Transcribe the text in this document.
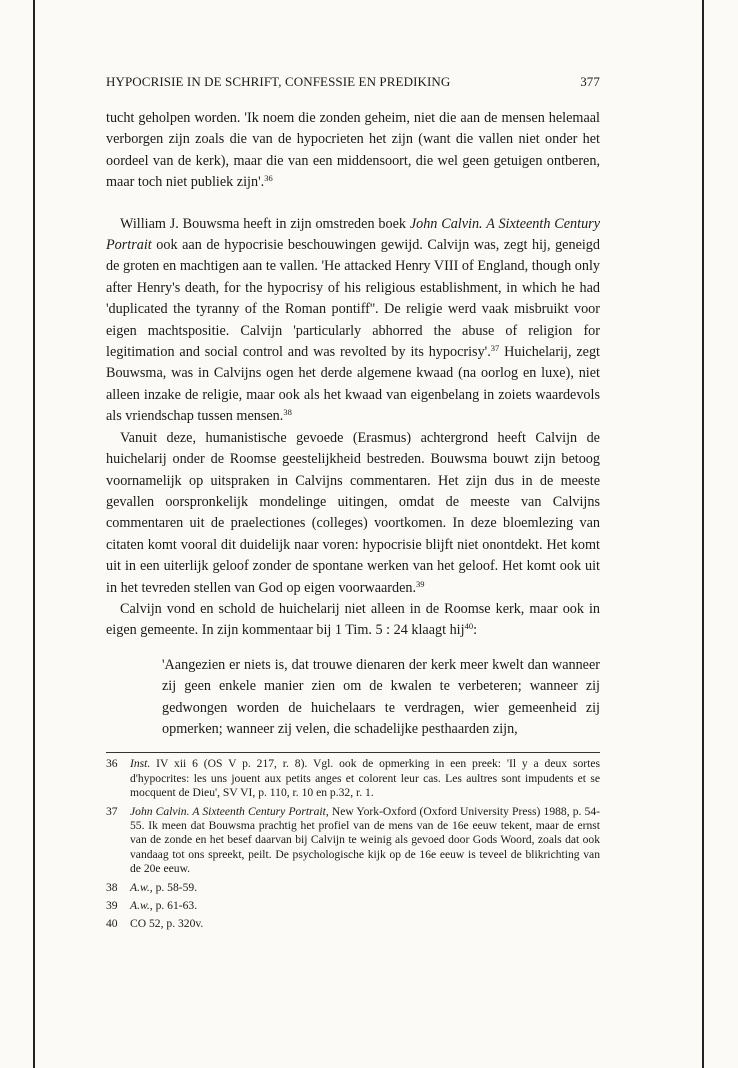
HYPOCRISIE IN DE SCHRIFT, CONFESSIE EN PREDIKING	377

tucht geholpen worden. 'Ik noem die zonden geheim, niet die aan de mensen helemaal verborgen zijn zoals die van de hypocrieten het zijn (want die vallen niet onder het oordeel van de kerk), maar die van een middensoort, die wel geen getuigen ontberen, maar toch niet publiek zijn'.$^{36}$

William J. Bouwsma heeft in zijn omstreden boek John Calvin. A Sixteenth Century Portrait ook aan de hypocrisie beschouwingen gewijd. Calvijn was, zegt hij, geneigd de groten en machtigen aan te vallen. 'He attacked Henry VIII of England, though only after Henry's death, for the hypocrisy of his religious establishment, in which he had 'duplicated the tyranny of the Roman pontiff''. De religie werd vaak misbruikt voor eigen machtspositie. Calvijn 'particularly abhorred the abuse of religion for legitimation and social control and was revolted by its hypocrisy'.$^{37}$ Huichelarij, zegt Bouwsma, was in Calvijns ogen het derde algemene kwaad (na oorlog en luxe), niet alleen inzake de religie, maar ook als het kwaad van eigenbelang in zoiets waardevols als vriendschap tussen mensen.$^{38}$

Vanuit deze, humanistische gevoede (Erasmus) achtergrond heeft Calvijn de huichelarij onder de Roomse geestelijkheid bestreden. Bouwsma bouwt zijn betoog voornamelijk op uitspraken in Calvijns commentaren. Het zijn dus in de meeste gevallen oorspronkelijk mondelinge uitingen, omdat de meeste van Calvijns commentaren uit de praelectiones (colleges) voortkomen. In deze bloemlezing van citaten komt vooral dit duidelijk naar voren: hypocrisie blijft niet onontdekt. Het komt uit in een uiterlijk geloof zonder de spontane werken van het geloof. Het komt ook uit in het tevreden stellen van God op eigen voorwaarden.$^{39}$

Calvijn vond en schold de huichelarij niet alleen in de Roomse kerk, maar ook in eigen gemeente. In zijn kommentaar bij 1 Tim. 5 : 24 klaagt hij$^{40}$:

'Aangezien er niets is, dat trouwe dienaren der kerk meer kwelt dan wanneer zij geen enkele manier zien om de kwalen te verbeteren; wanneer zij gedwongen worden de huichelaars te verdragen, wier gemeenheid zij opmerken; wanneer zij velen, die schadelijke pesthaarden zijn,

36	Inst. IV xii 6 (OS V p. 217, r. 8). Vgl. ook de opmerking in een preek: 'Il y a deux sortes d'hypocrites: les uns jouent aux petits anges et colorent leur cas. Les aultres sont impudents et se mocquent de Dieu', SV VI, p. 110, r. 10 en p.32, r. 1.
37	John Calvin. A Sixteenth Century Portrait, New York-Oxford (Oxford University Press) 1988, p. 54-55. Ik meen dat Bouwsma prachtig het profiel van de mens van de 16e eeuw tekent, maar de ernst van de zonde en het besef daarvan bij Calvijn te weinig als gevoed door Gods Woord, zoals dat ook vandaag tot ons spreekt, peilt. De psychologische kijk op de 16e eeuw is teveel de blikrichting van de 20e eeuw.
38	A.w., p. 58-59.
39	A.w., p. 61-63.
40	CO 52, p. 320v.
